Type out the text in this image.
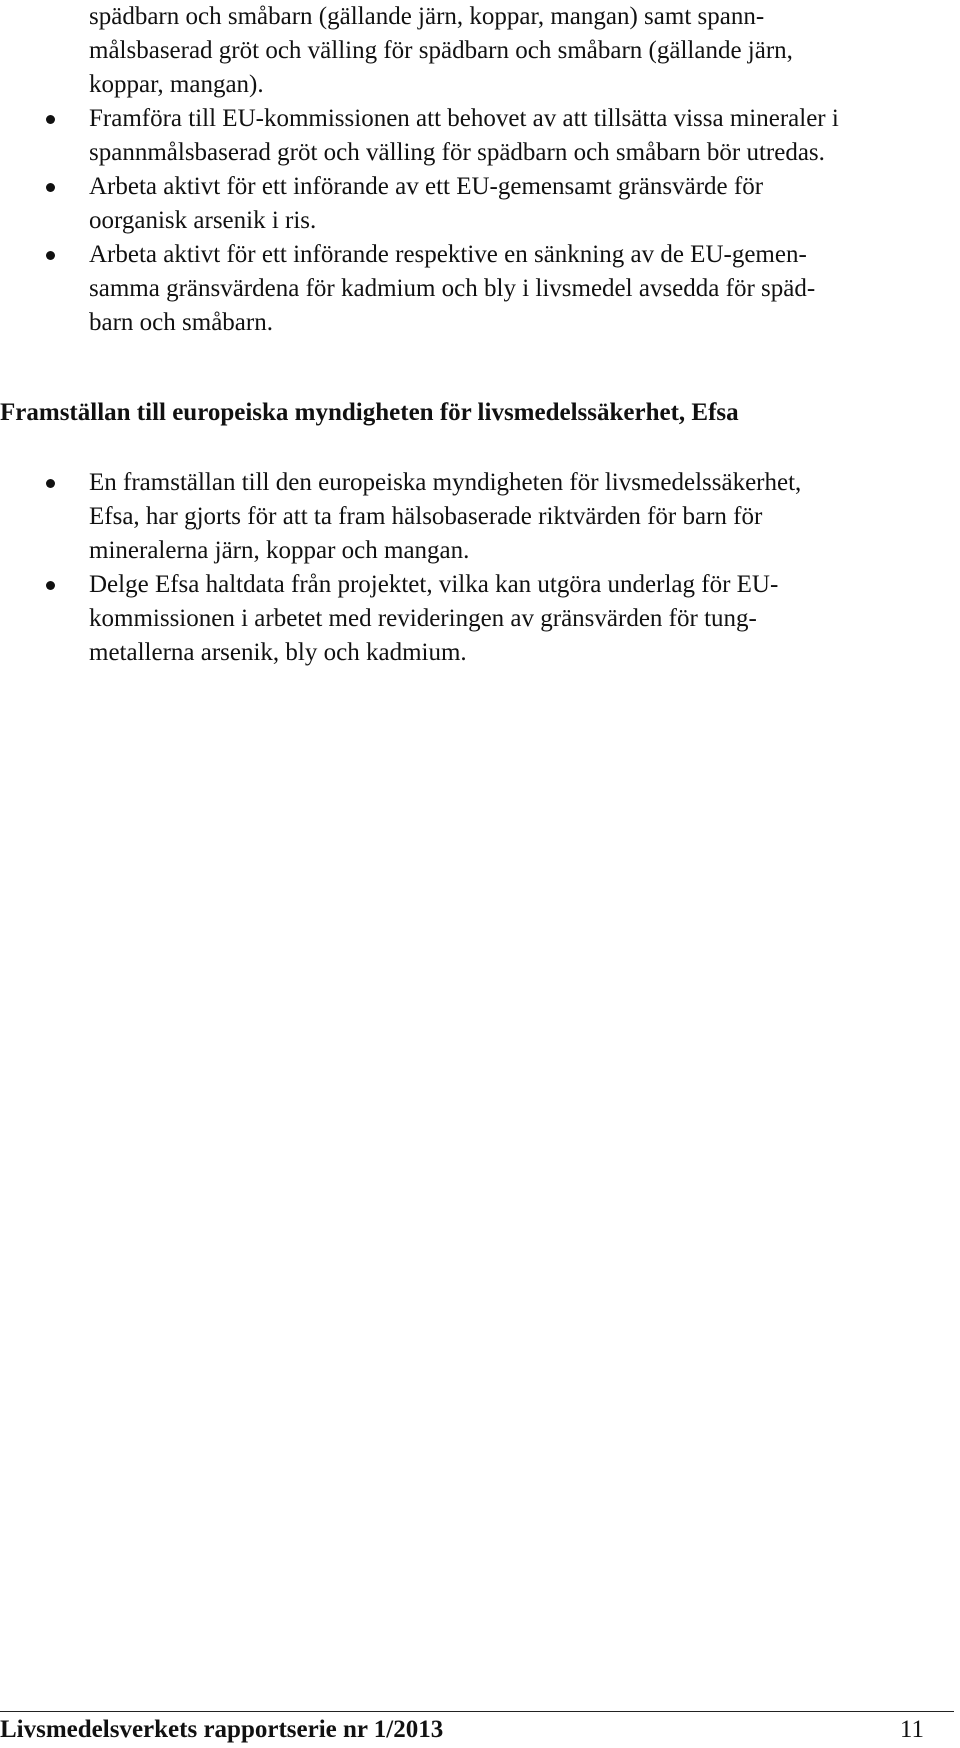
spädbarn och småbarn (gällande järn, koppar, mangan) samt spann-
målsbaserad gröt och välling för spädbarn och småbarn (gällande järn,
koppar, mangan).
Framföra till EU-kommissionen att behovet av att tillsätta vissa mineraler i
spannmålsbaserad gröt och välling för spädbarn och småbarn bör utredas.
Arbeta aktivt för ett införande av ett EU-gemensamt gränsvärde för
oorganisk arsenik i ris.
Arbeta aktivt för ett införande respektive en sänkning av de EU-gemen-
samma gränsvärdena för kadmium och bly i livsmedel avsedda för späd-
barn och småbarn.
Framställan till europeiska myndigheten för livsmedelssäkerhet, Efsa
En framställan till den europeiska myndigheten för livsmedelssäkerhet,
Efsa, har gjorts för att ta fram hälsobaserade riktvärden för barn för
mineralerna järn, koppar och mangan.
Delge Efsa haltdata från projektet, vilka kan utgöra underlag för EU-
kommissionen i arbetet med revideringen av gränsvärden för tung-
metallerna arsenik, bly och kadmium.
Livsmedelsverkets rapportserie nr 1/2013	11
